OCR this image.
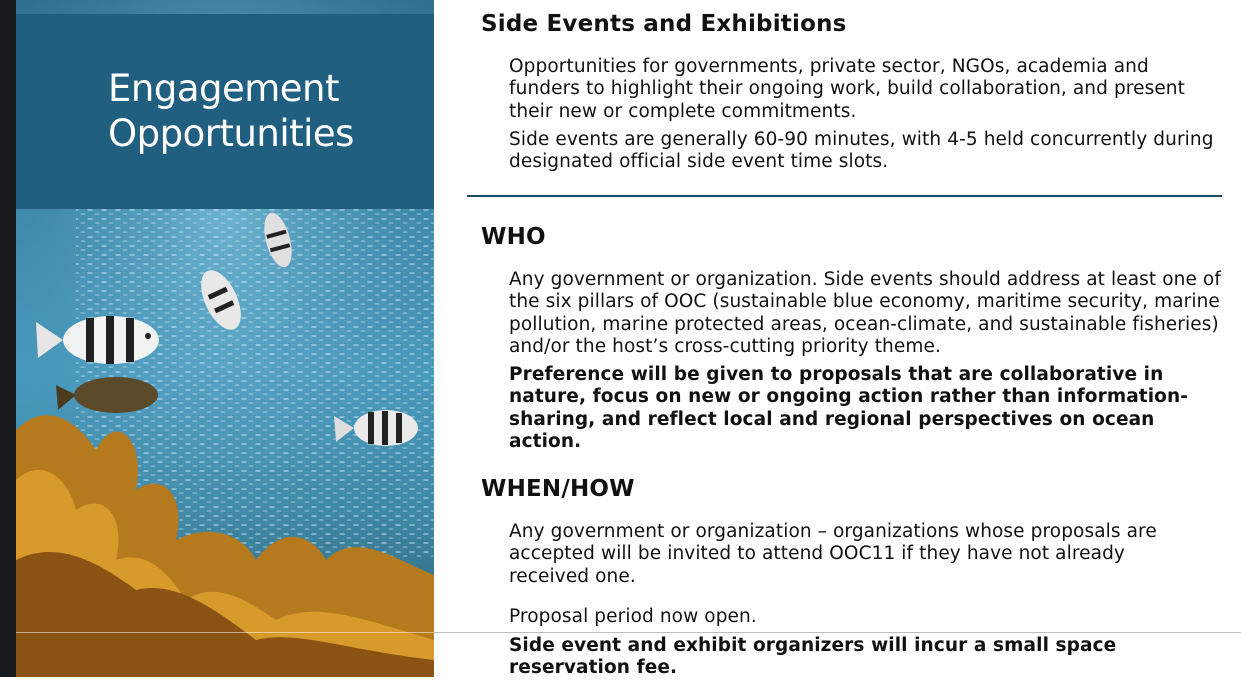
Engagement
Opportunities
Side Events and Exhibitions

Opportunities for governments, private sector, NGOs, academia and funders to highlight their ongoing work, build collaboration, and present their new or complete commitments.

Side events are generally 60-90 minutes, with 4-5 held concurrently during designated official side event time slots.

WHO

Any government or organization. Side events should address at least one of the six pillars of OOC (sustainable blue economy, maritime security, marine pollution, marine protected areas, ocean-climate, and sustainable fisheries) and/or the host’s cross-cutting priority theme.

Preference will be given to proposals that are collaborative in nature, focus on new or ongoing action rather than information-sharing, and reflect local and regional perspectives on ocean action.

WHEN/HOW

Any government or organization – organizations whose proposals are accepted will be invited to attend OOC11 if they have not already received one.

Proposal period now open.

Side event and exhibit organizers will incur a small space reservation fee.
